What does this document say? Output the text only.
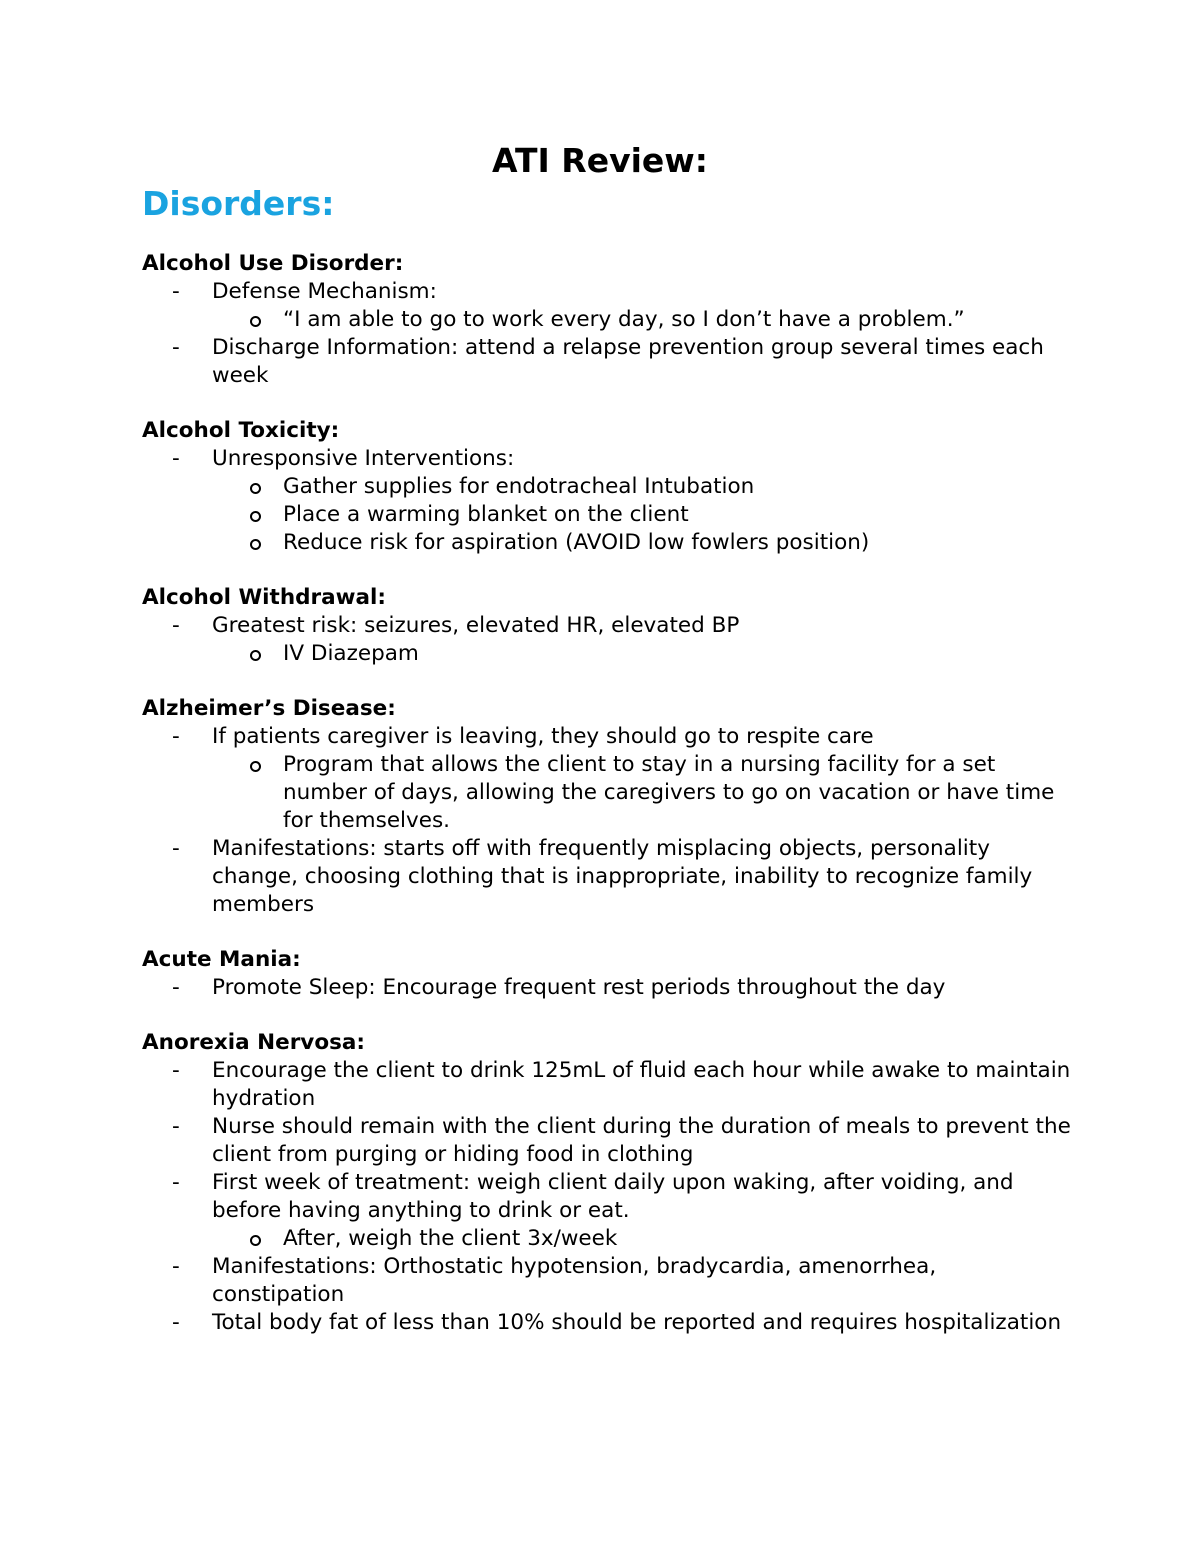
ATI Review:
Disorders:
Alcohol Use Disorder:
- Defense Mechanism:
“I am able to go to work every day, so I don’t have a problem.”
- Discharge Information: attend a relapse prevention group several times each week
Alcohol Toxicity:
- Unresponsive Interventions:
Gather supplies for endotracheal Intubation
Place a warming blanket on the client
Reduce risk for aspiration (AVOID low fowlers position)
Alcohol Withdrawal:
- Greatest risk: seizures, elevated HR, elevated BP
IV Diazepam
Alzheimer’s Disease:
- If patients caregiver is leaving, they should go to respite care
Program that allows the client to stay in a nursing facility for a set number of days, allowing the caregivers to go on vacation or have time for themselves.
- Manifestations: starts off with frequently misplacing objects, personality change, choosing clothing that is inappropriate, inability to recognize family members
Acute Mania:
- Promote Sleep: Encourage frequent rest periods throughout the day
Anorexia Nervosa:
- Encourage the client to drink 125mL of fluid each hour while awake to maintain hydration
- Nurse should remain with the client during the duration of meals to prevent the client from purging or hiding food in clothing
- First week of treatment: weigh client daily upon waking, after voiding, and before having anything to drink or eat.
After, weigh the client 3x/week
- Manifestations: Orthostatic hypotension, bradycardia, amenorrhea, constipation
- Total body fat of less than 10% should be reported and requires hospitalization
